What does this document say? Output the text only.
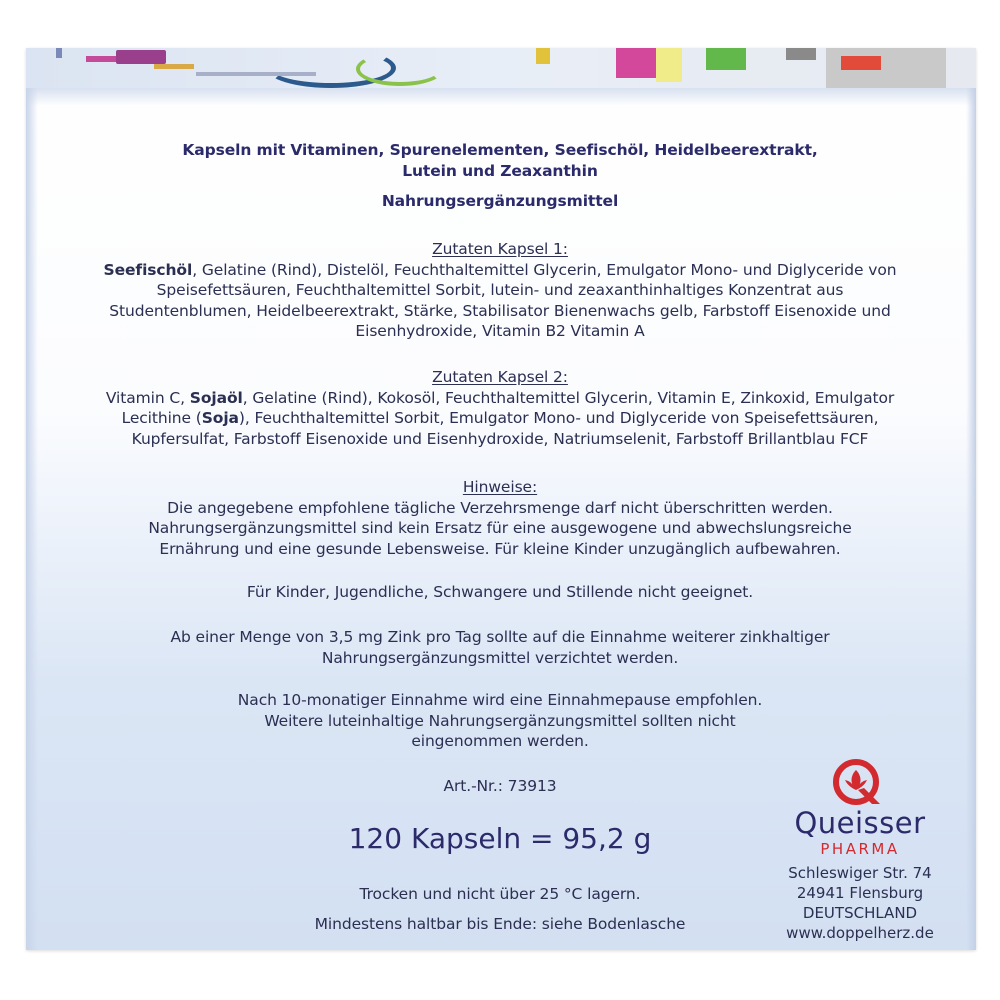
Kapseln mit Vitaminen, Spurenelementen, Seefischöl, Heidelbeerextrakt,
Lutein und Zeaxanthin
Nahrungsergänzungsmittel
Zutaten Kapsel 1:
Seefischöl, Gelatine (Rind), Distelöl, Feuchthaltemittel Glycerin, Emulgator Mono- und Diglyceride von
Speisefettsäuren, Feuchthaltemittel Sorbit, lutein- und zeaxanthinhaltiges Konzentrat aus
Studentenblumen, Heidelbeerextrakt, Stärke, Stabilisator Bienenwachs gelb, Farbstoff Eisenoxide und
Eisenhydroxide, Vitamin B2 Vitamin A
Zutaten Kapsel 2:
Vitamin C, Sojaöl, Gelatine (Rind), Kokosöl, Feuchthaltemittel Glycerin, Vitamin E, Zinkoxid, Emulgator
Lecithine (Soja), Feuchthaltemittel Sorbit, Emulgator Mono- und Diglyceride von Speisefettsäuren,
Kupfersulfat, Farbstoff Eisenoxide und Eisenhydroxide, Natriumselenit, Farbstoff Brillantblau FCF
Hinweise:
Die angegebene empfohlene tägliche Verzehrsmenge darf nicht überschritten werden.
Nahrungsergänzungsmittel sind kein Ersatz für eine ausgewogene und abwechslungsreiche
Ernährung und eine gesunde Lebensweise. Für kleine Kinder unzugänglich aufbewahren.
Für Kinder, Jugendliche, Schwangere und Stillende nicht geeignet.
Ab einer Menge von 3,5 mg Zink pro Tag sollte auf die Einnahme weiterer zinkhaltiger
Nahrungsergänzungsmittel verzichtet werden.
Nach 10-monatiger Einnahme wird eine Einnahmepause empfohlen.
Weitere luteinhaltige Nahrungsergänzungsmittel sollten nicht
eingenommen werden.
Art.-Nr.: 73913
120 Kapseln = 95,2 g
Trocken und nicht über 25 °C lagern.
Mindestens haltbar bis Ende: siehe Bodenlasche
Queisser
PHARMA
Schleswiger Str. 74
24941 Flensburg
DEUTSCHLAND
www.doppelherz.de
